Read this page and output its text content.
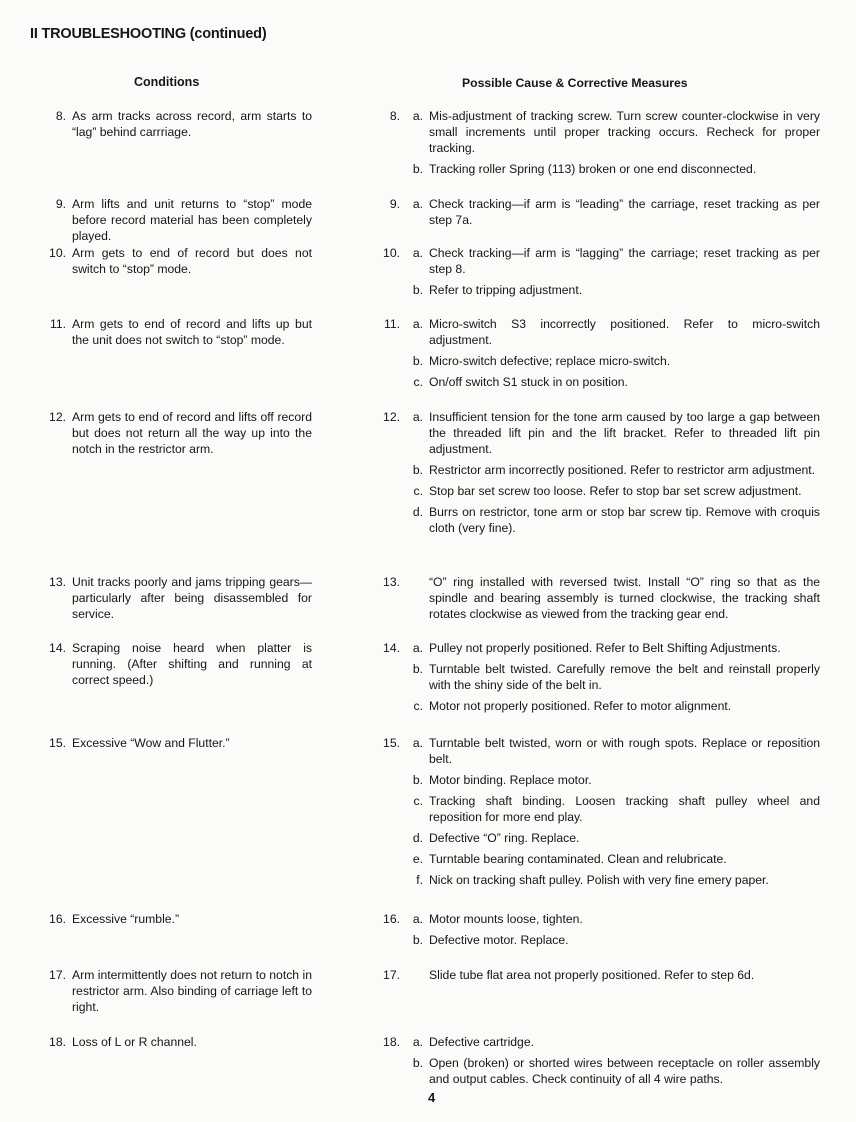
II TROUBLESHOOTING (continued)
Conditions	Possible Cause & Corrective Measures
8. As arm tracks across record, arm starts to “lag” behind carrriage.
8.	a. Mis-adjustment of tracking screw. Turn screw counter-clockwise in very small increments until proper tracking occurs. Recheck for proper tracking.
b. Tracking roller Spring (113) broken or one end disconnected.
9. Arm lifts and unit returns to “stop” mode before record material has been completely played.
9.	a. Check tracking—if arm is “leading” the carriage, reset tracking as per step 7a.
10. Arm gets to end of record but does not switch to “stop” mode.
10.	a. Check tracking—if arm is “lagging” the carriage; reset tracking as per step 8.
b. Refer to tripping adjustment.
11. Arm gets to end of record and lifts up but the unit does not switch to “stop” mode.
11.	a. Micro-switch S3 incorrectly positioned. Refer to micro-switch adjustment.
b. Micro-switch defective; replace micro-switch.
c. On/off switch S1 stuck in on position.
12. Arm gets to end of record and lifts off record but does not return all the way up into the notch in the restrictor arm.
12.	a. Insufficient tension for the tone arm caused by too large a gap between the threaded lift pin and the lift bracket. Refer to threaded lift pin adjustment.
b. Restrictor arm incorrectly positioned. Refer to restrictor arm adjustment.
c. Stop bar set screw too loose. Refer to stop bar set screw adjustment.
d. Burrs on restrictor, tone arm or stop bar screw tip. Remove with croquis cloth (very fine).
13. Unit tracks poorly and jams tripping gears—particularly after being disassembled for service.
13. “O” ring installed with reversed twist. Install “O” ring so that as the spindle and bearing assembly is turned clockwise, the tracking shaft rotates clockwise as viewed from the tracking gear end.
14. Scraping noise heard when platter is running. (After shifting and running at correct speed.)
14.	a. Pulley not properly positioned. Refer to Belt Shifting Adjustments.
b. Turntable belt twisted. Carefully remove the belt and reinstall properly with the shiny side of the belt in.
c. Motor not properly positioned. Refer to motor alignment.
15. Excessive “Wow and Flutter.”	15.	a. Turntable belt twisted, worn or with rough spots. Replace or reposition belt.
b. Motor binding. Replace motor.
c. Tracking shaft binding. Loosen tracking shaft pulley wheel and reposition for more end play.
d. Defective “O” ring. Replace.
e. Turntable bearing contaminated. Clean and relubricate.
f. Nick on tracking shaft pulley. Polish with very fine emery paper.
16. Excessive “rumble.”	16.	a. Motor mounts loose, tighten.
b. Defective motor. Replace.
17. Arm intermittently does not return to notch in restrictor arm. Also binding of carriage left to right.
17. Slide tube flat area not properly positioned. Refer to step 6d.
18. Loss of L or R channel.	18.	a. Defective cartridge.
b. Open (broken) or shorted wires between receptacle on roller assembly and output cables. Check continuity of all 4 wire paths.
4
